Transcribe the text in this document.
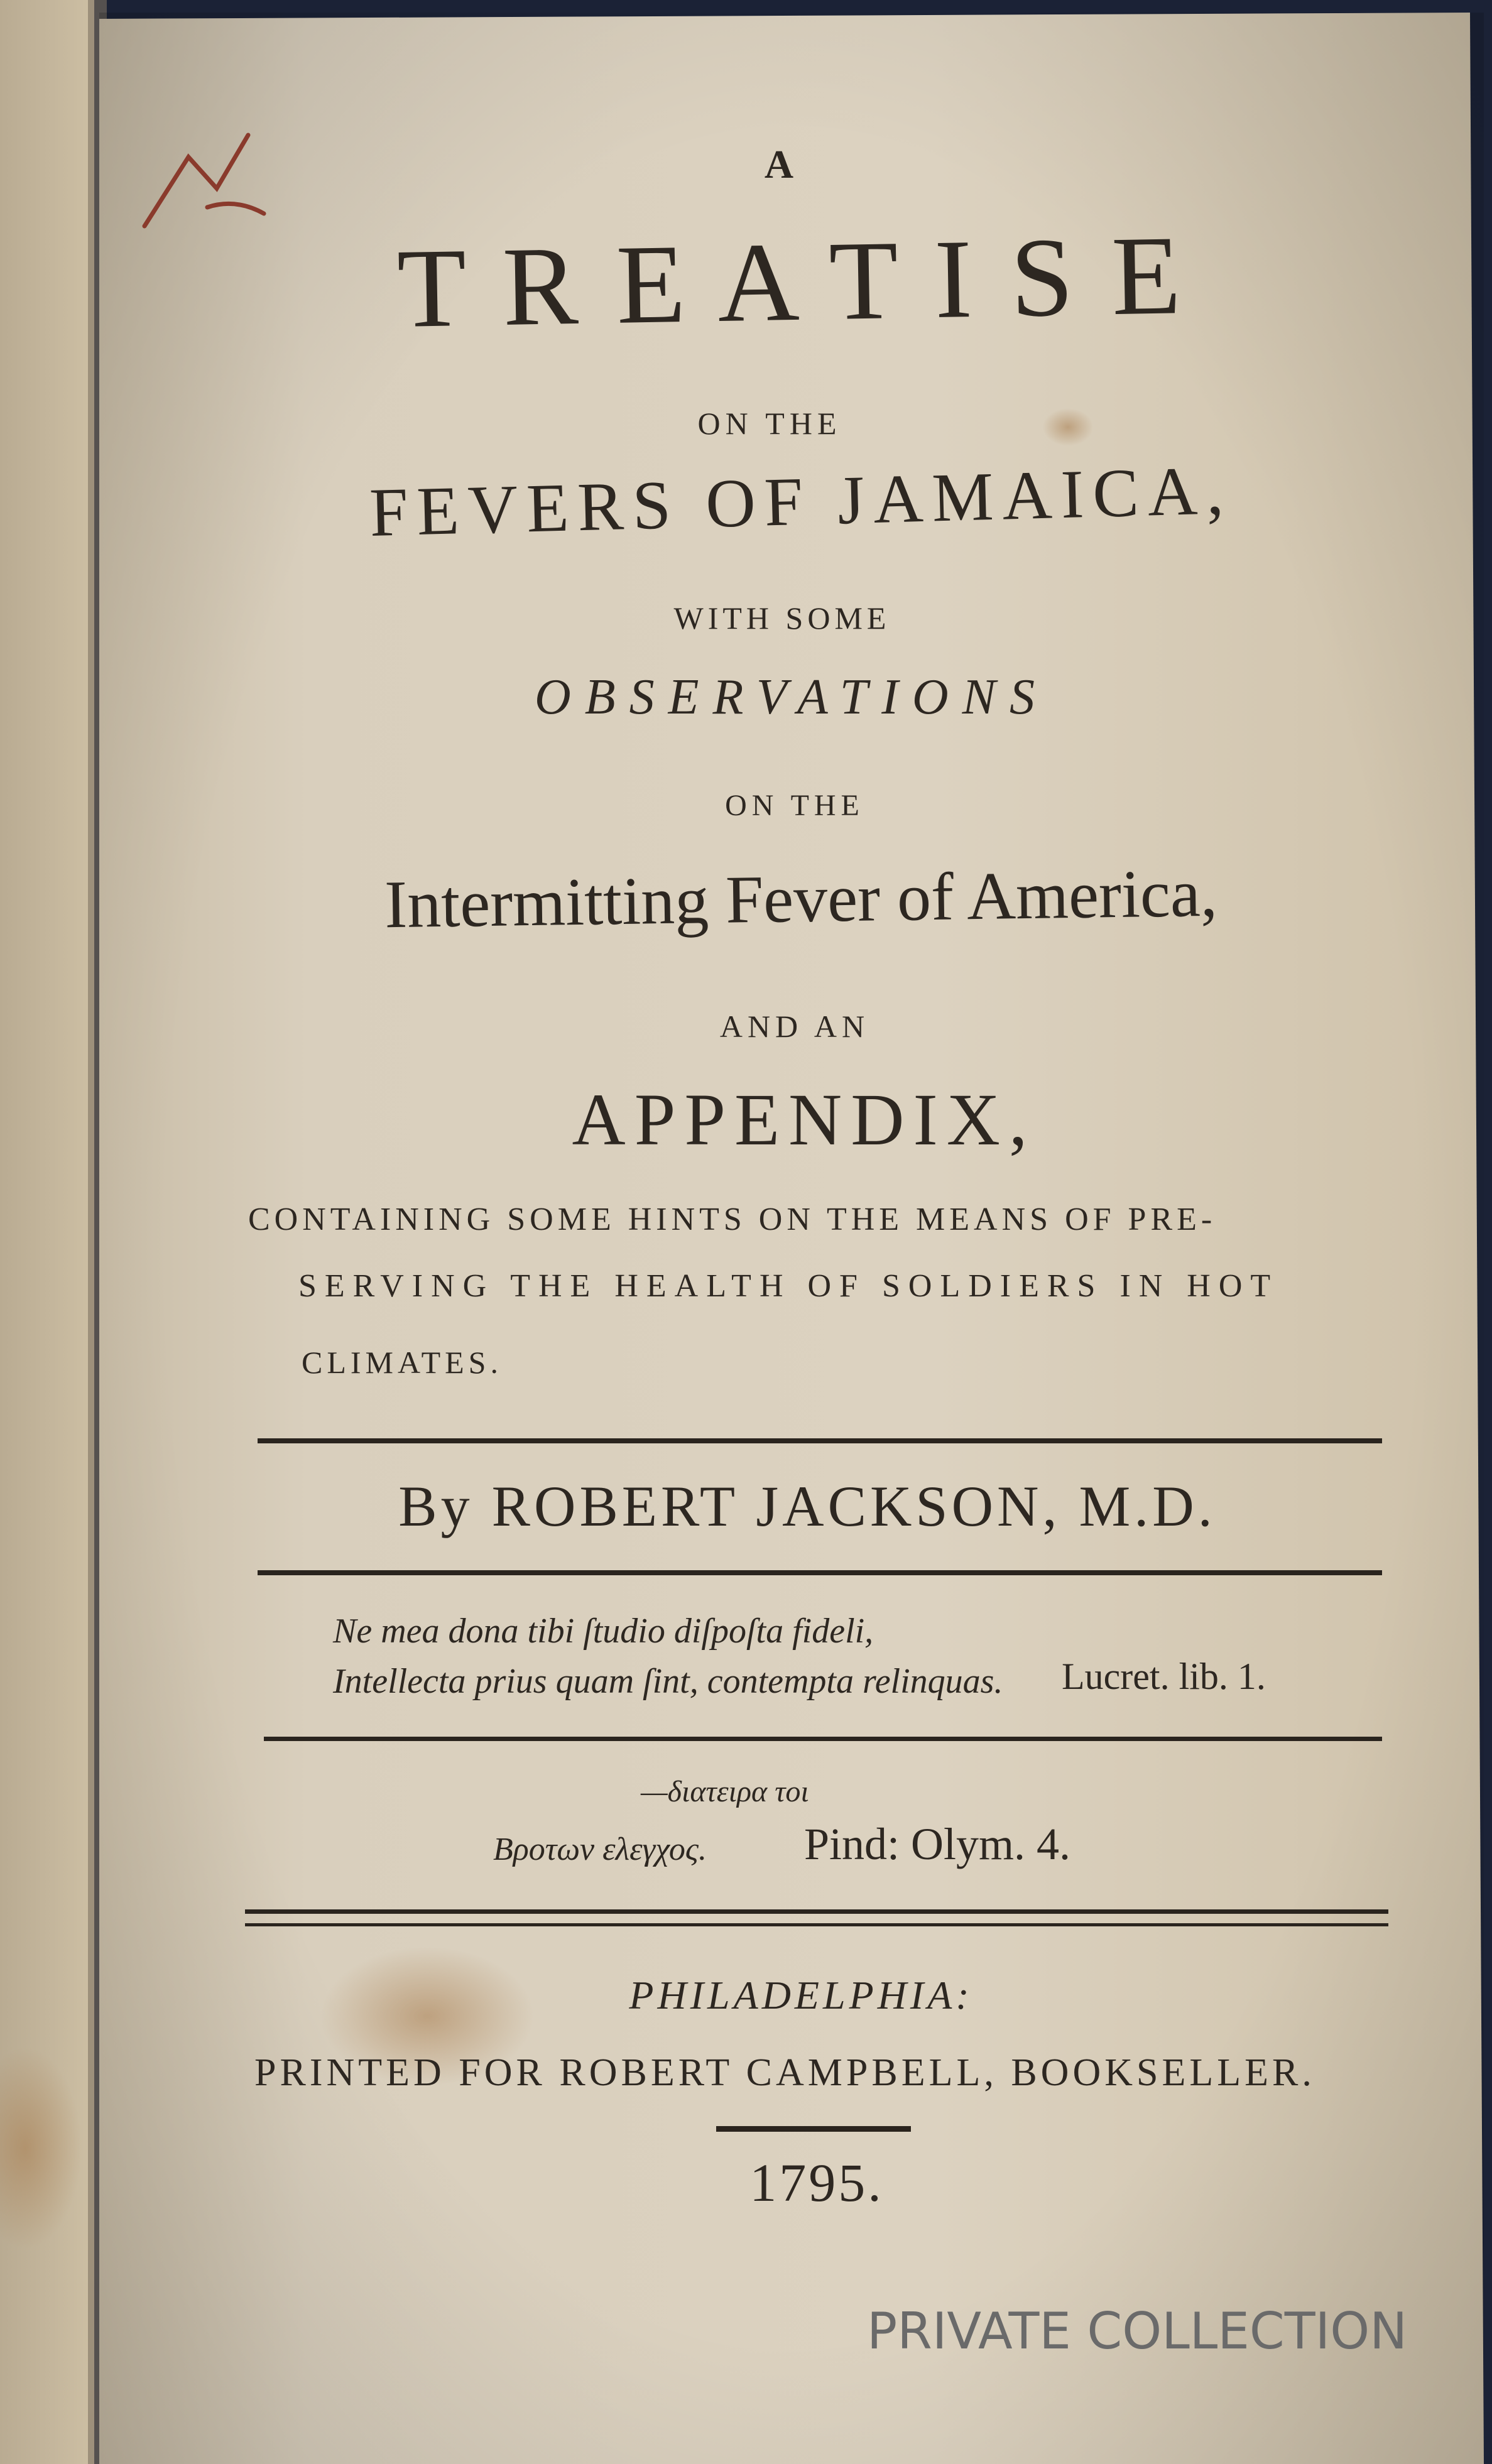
A
T R E A T I S E
ON THE
FEVERS OF JAMAICA,
WITH SOME
OBSERVATIONS
ON THE
Intermitting Fever of America,
AND AN
APPENDIX,
CONTAINING SOME HINTS ON THE MEANS OF PRE-
SERVING THE HEALTH OF SOLDIERS IN HOT
CLIMATES.
By ROBERT JACKSON, M.D.
Ne mea dona tibi ſtudio diſpoſta fideli,
Intellecta prius quam ſint, contempta relinquas.	Lucret. lib. 1.
—διατειρα τοι
Βροτων ελεγχος.	Pind: Olym. 4.
PHILADELPHIA:
PRINTED FOR ROBERT CAMPBELL, BOOKSELLER.
1795.
PRIVATE COLLECTION
